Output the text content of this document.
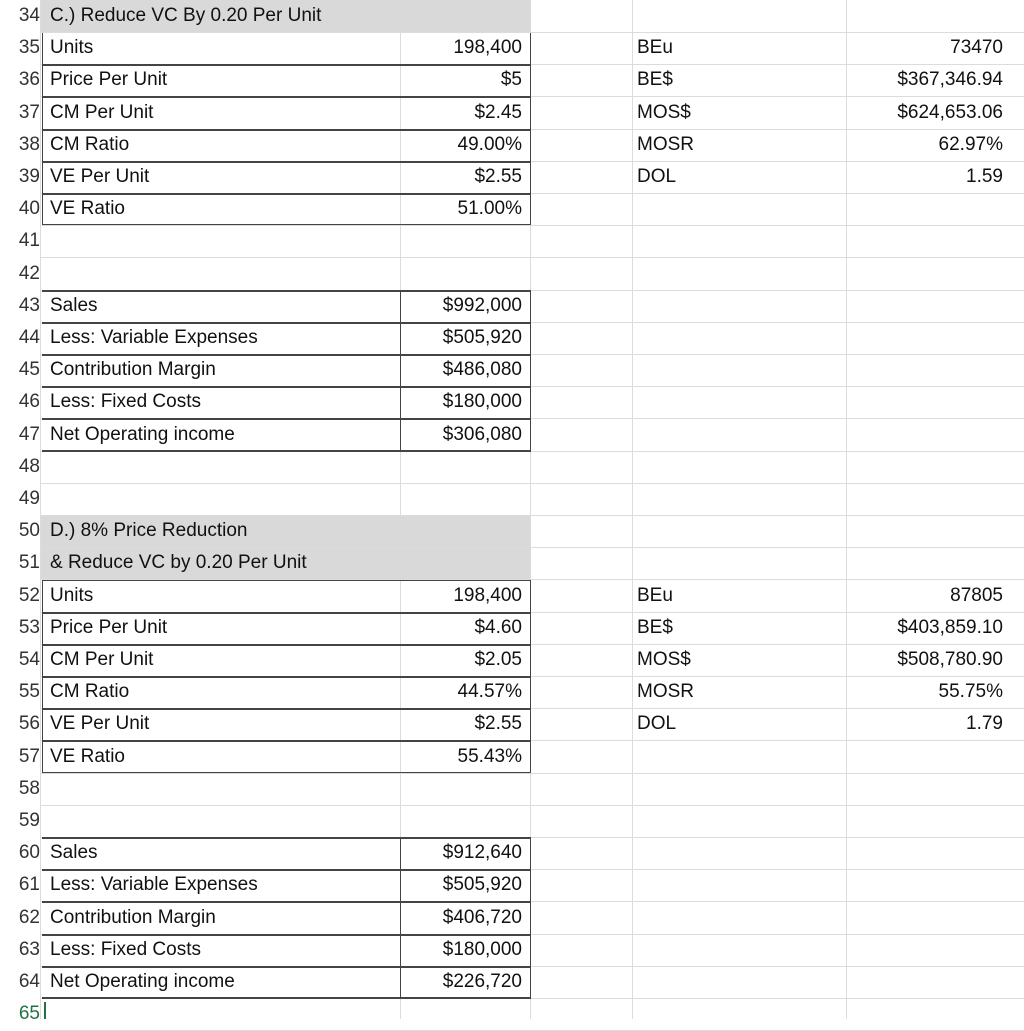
34 C.) Reduce VC By 0.20 Per Unit
35 Units	198,400	BEu	73470
36 Price Per Unit	$5	BE$	$367,346.94
37 CM Per Unit	$2.45	MOS$	$624,653.06
38 CM Ratio	49.00%	MOSR	62.97%
39 VE Per Unit	$2.55	DOL	1.59
40 VE Ratio	51.00%
41
42
43 Sales	$992,000
44 Less: Variable Expenses	$505,920
45 Contribution Margin	$486,080
46 Less: Fixed Costs	$180,000
47 Net Operating income	$306,080
48
49
50 D.) 8% Price Reduction
51 & Reduce VC by 0.20 Per Unit
52 Units	198,400	BEu	87805
53 Price Per Unit	$4.60	BE$	$403,859.10
54 CM Per Unit	$2.05	MOS$	$508,780.90
55 CM Ratio	44.57%	MOSR	55.75%
56 VE Per Unit	$2.55	DOL	1.79
57 VE Ratio	55.43%
58
59
60 Sales	$912,640
61 Less: Variable Expenses	$505,920
62 Contribution Margin	$406,720
63 Less: Fixed Costs	$180,000
64 Net Operating income	$226,720
65
